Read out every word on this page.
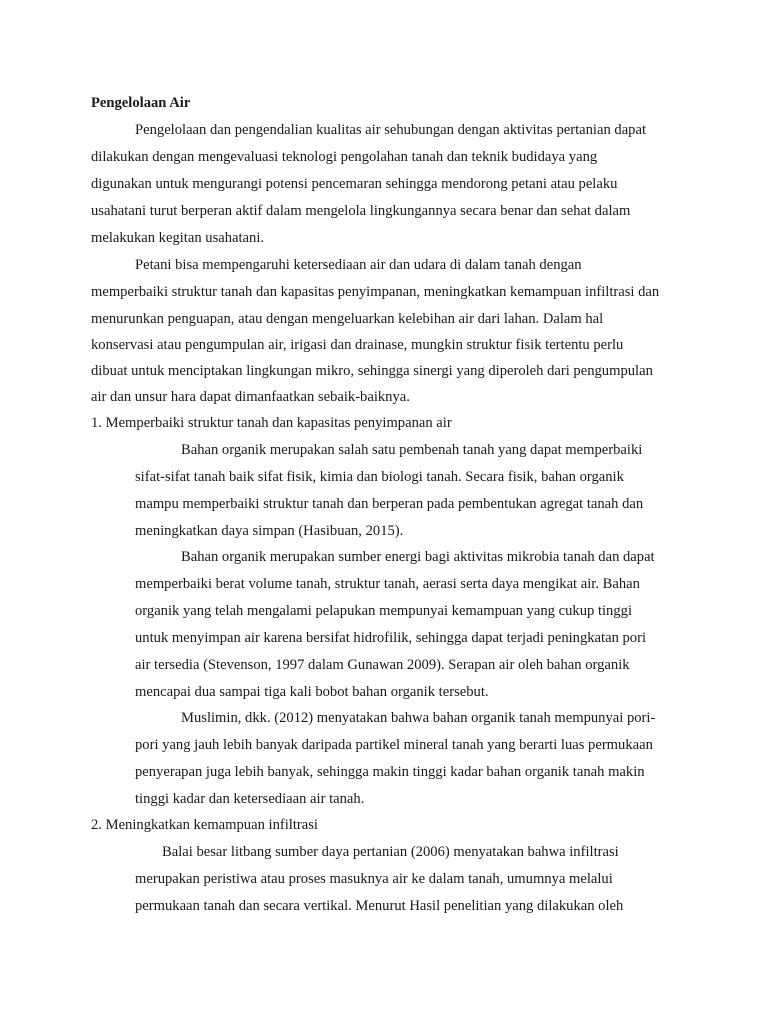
Pengelolaan Air
Pengelolaan dan pengendalian kualitas air sehubungan dengan aktivitas pertanian dapat
dilakukan dengan mengevaluasi teknologi pengolahan tanah dan teknik budidaya yang
digunakan untuk mengurangi potensi pencemaran sehingga mendorong petani atau pelaku
usahatani turut berperan aktif dalam mengelola lingkungannya secara benar dan sehat dalam
melakukan kegitan usahatani.
Petani bisa mempengaruhi ketersediaan air dan udara di dalam tanah dengan
memperbaiki struktur tanah dan kapasitas penyimpanan, meningkatkan kemampuan infiltrasi dan
menurunkan penguapan, atau dengan mengeluarkan kelebihan air dari lahan. Dalam hal
konservasi atau pengumpulan air, irigasi dan drainase, mungkin struktur fisik tertentu perlu
dibuat untuk menciptakan lingkungan mikro, sehingga sinergi yang diperoleh dari pengumpulan
air dan unsur hara dapat dimanfaatkan sebaik-baiknya.
1. Memperbaiki struktur tanah dan kapasitas penyimpanan air
Bahan organik merupakan salah satu pembenah tanah yang dapat memperbaiki
sifat-sifat tanah baik sifat fisik, kimia dan biologi tanah. Secara fisik, bahan organik
mampu memperbaiki struktur tanah dan berperan pada pembentukan agregat tanah dan
meningkatkan daya simpan (Hasibuan, 2015).
Bahan organik merupakan sumber energi bagi aktivitas mikrobia tanah dan dapat
memperbaiki berat volume tanah, struktur tanah, aerasi serta daya mengikat air. Bahan
organik yang telah mengalami pelapukan mempunyai kemampuan yang cukup tinggi
untuk menyimpan air karena bersifat hidrofilik, sehingga dapat terjadi peningkatan pori
air tersedia (Stevenson, 1997 dalam Gunawan 2009). Serapan air oleh bahan organik
mencapai dua sampai tiga kali bobot bahan organik tersebut.
Muslimin, dkk. (2012) menyatakan bahwa bahan organik tanah mempunyai pori-
pori yang jauh lebih banyak daripada partikel mineral tanah yang berarti luas permukaan
penyerapan juga lebih banyak, sehingga makin tinggi kadar bahan organik tanah makin
tinggi kadar dan ketersediaan air tanah.
2. Meningkatkan kemampuan infiltrasi
Balai besar litbang sumber daya pertanian (2006) menyatakan bahwa infiltrasi
merupakan peristiwa atau proses masuknya air ke dalam tanah, umumnya melalui
permukaan tanah dan secara vertikal. Menurut Hasil penelitian yang dilakukan oleh
